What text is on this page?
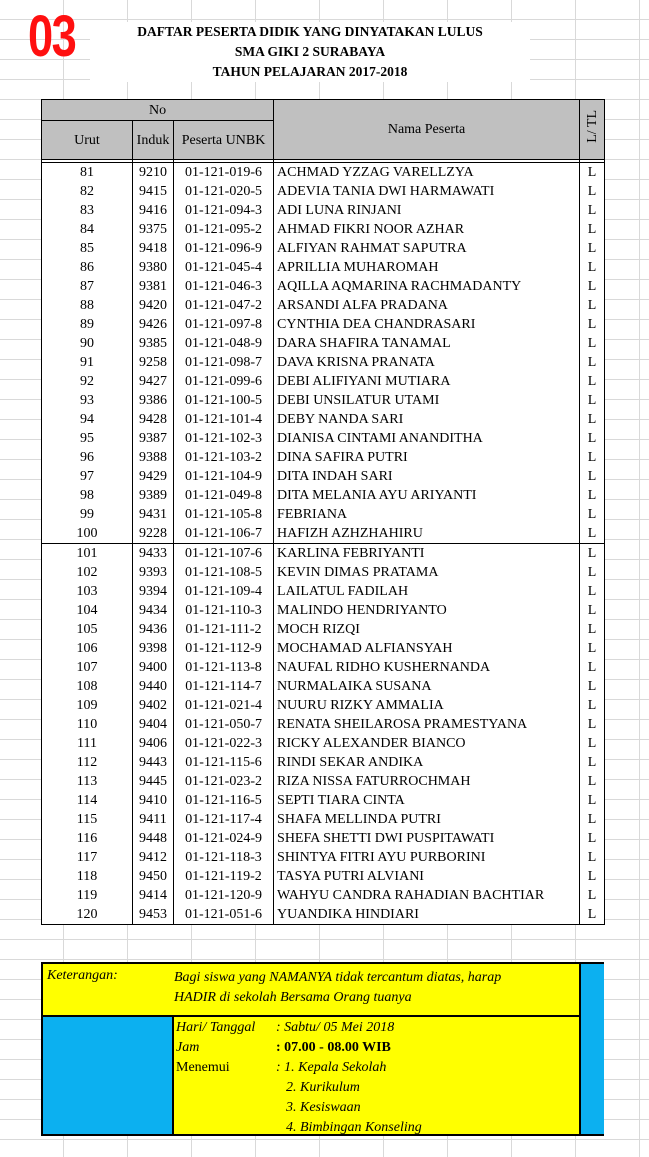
03	DAFTAR PESERTA DIDIK YANG DINYATAKAN LULUS
SMA GIKI 2 SURABAYA
TAHUN PELAJARAN 2017-2018
No			Nama Peserta	L/ TL
Urut	Induk	Peserta UNBK		

81	9210	01-121-019-6	ACHMAD YZZAG VARELLZYA	L
82	9415	01-121-020-5	ADEVIA TANIA DWI HARMAWATI	L
83	9416	01-121-094-3	ADI LUNA RINJANI	L
84	9375	01-121-095-2	AHMAD FIKRI NOOR AZHAR	L
85	9418	01-121-096-9	ALFIYAN RAHMAT SAPUTRA	L
86	9380	01-121-045-4	APRILLIA MUHAROMAH	L
87	9381	01-121-046-3	AQILLA AQMARINA RACHMADANTY	L
88	9420	01-121-047-2	ARSANDI ALFA PRADANA	L
89	9426	01-121-097-8	CYNTHIA DEA CHANDRASARI	L
90	9385	01-121-048-9	DARA SHAFIRA TANAMAL	L
91	9258	01-121-098-7	DAVA KRISNA PRANATA	L
92	9427	01-121-099-6	DEBI ALIFIYANI MUTIARA	L
93	9386	01-121-100-5	DEBI UNSILATUR UTAMI	L
94	9428	01-121-101-4	DEBY NANDA SARI	L
95	9387	01-121-102-3	DIANISA CINTAMI ANANDITHA	L
96	9388	01-121-103-2	DINA SAFIRA PUTRI	L
97	9429	01-121-104-9	DITA INDAH SARI	L
98	9389	01-121-049-8	DITA MELANIA AYU ARIYANTI	L
99	9431	01-121-105-8	FEBRIANA	L
100	9228	01-121-106-7	HAFIZH AZHZHAHIRU	L
101	9433	01-121-107-6	KARLINA FEBRIYANTI	L
102	9393	01-121-108-5	KEVIN DIMAS PRATAMA	L
103	9394	01-121-109-4	LAILATUL FADILAH	L
104	9434	01-121-110-3	MALINDO HENDRIYANTO	L
105	9436	01-121-111-2	MOCH RIZQI	L
106	9398	01-121-112-9	MOCHAMAD ALFIANSYAH	L
107	9400	01-121-113-8	NAUFAL RIDHO KUSHERNANDA	L
108	9440	01-121-114-7	NURMALAIKA SUSANA	L
109	9402	01-121-021-4	NUURU RIZKY AMMALIA	L
110	9404	01-121-050-7	RENATA SHEILAROSA PRAMESTYANA	L
111	9406	01-121-022-3	RICKY ALEXANDER BIANCO	L
112	9443	01-121-115-6	RINDI SEKAR ANDIKA	L
113	9445	01-121-023-2	RIZA NISSA FATURROCHMAH	L
114	9410	01-121-116-5	SEPTI TIARA CINTA	L
115	9411	01-121-117-4	SHAFA MELLINDA PUTRI	L
116	9448	01-121-024-9	SHEFA SHETTI DWI PUSPITAWATI	L
117	9412	01-121-118-3	SHINTYA FITRI AYU PURBORINI	L
118	9450	01-121-119-2	TASYA PUTRI ALVIANI	L
119	9414	01-121-120-9	WAHYU CANDRA RAHADIAN BACHTIAR	L
120	9453	01-121-051-6	YUANDIKA HINDIARI	L
Keterangan:	Bagi siswa yang NAMANYA tidak tercantum diatas, harap
HADIR di sekolah Bersama Orang tuanya
Hari/ Tanggal : Sabtu/ 05 Mei 2018
Jam	: 07.00 - 08.00 WIB
Menemui	: 1. Kepala Sekolah
2. Kurikulum
3. Kesiswaan
4. Bimbingan Konseling
